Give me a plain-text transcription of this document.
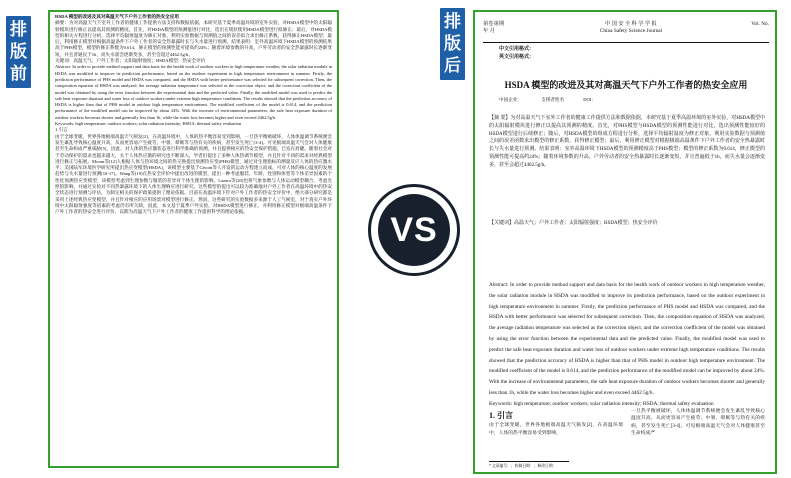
排版前

HSDA 模型的改进及其对高温天气下户外工作者的热安全应用

摘要：为对高温天气下室外工作者的健康工作提供方法支持和数据依据，本研究基于夏季高温环境的室外实验，对HSDA模型中的太阳辐射模块进行修正以提高其预测的精度。首先，对HSDA模型的预测值进行对比，选出在现状使用HSDA模型进行拟修正；最后，对HSDA模型的相关方程进行分析，选择平均辐射温度为修正对象，利用实验数据与预测值之间的误差拟合求出修正系数，获得修正HSDA模型；最后，利用修正模型对根据高温条件下户外工作者的安全热暴露时长与失水量进行预测。结果表明：室外高温环境下HSDA模型的预测结果高于PHS模型，模型的修正系数为0.614，修正模型的预测性能可提高约24%；随着环境参数的升高，户外劳动者的安全热暴露时长逐渐变短，并且普通民于1h，而失水量会逐渐变多，甚至会超过4462.5g/h。

关键词：高温天气；户外工作者；太阳辐射强度；HSDA模型；热安全评价

Abstract: In order to provide method support and data basis for the health work of outdoor workers in high temperature weather, the solar radiation module in HSDA was modified to improve its prediction performance, based on the outdoor experiment in high temperature environment in summer. Firstly, the prediction performance of PHS model and HSDA was compared, and the HSDA with better performance was selected for subsequent correction. Then, the composition equation of HSDA was analyzed, the average radiation temperature was selected as the correction object, and the correction coefficient of the model was obtained by using the error function between the experimental data and the predicted value. Finally, the modified model was used to predict the safe heat exposure duration and water loss of outdoor workers under extreme high temperature conditions. The results showed that the prediction accuracy of HSDA is higher than that of PHS model in outdoor high temperature environment. The modified coefficient of the model is 0.614, and the prediction performance of the modified model can be improved by about 24%. With the increase of environmental parameters, the safe heat exposure duration of outdoor workers becomes shorter and generally less than 1h, while the water loss becomes higher and even exceed 4462.5g/h.

Keywords: high temperature; outdoor workers; solar radiation intensity; HSDA; thermal safety evaluation

1.引言

由于全球变暖，世界各地极端高温天气频发[2]，在高温环境中，人体的热平衡容易受到影响，一旦热平衡被破坏，人体体温调节系统便会发生紊乱导致核心温度升高，从而更容易产生疲劳、中暑、晕厥等与热有关的疾病，甚至发生死亡[3-4]。可见极端高温天气会对人体健康甚至生命构成严重威胁[5]，因此，对人体的热应激状态进行科学准确的预测，并且提供相应的热安全保护措施，已迫在眉睫。随着社会对于劳动保护的需求也越来越大，关于人体热应激的研究也不断深入，学者们提出了多种人体热调节模型，并且针对不同的需求对经典模型进行修正与拓展。Moran等[12]人根据人体与热环境之间的热交换提出预测热应变(PHS)模型，通过对生理指标的测量反应人体的热应激水平；美国陆军环境医学研究所提出热应变模型(HSDA)，该模型主要基于Givoni等人开发的运动方程建立而成，可对人体的核心温度的发展趋势与失水量进行预测[16-17]。Wang等[19]在热安全评价中提出改进的模型，提出一种考虑服装、年龄、性别和体型等个体差异因素的个性化预测热应变模型，该模型考虑到生理参数与服装的差异对个体生理的影响。Lazaro等[20]也将气象参数与人体运动模型耦合，考虑光照的影响，并通过实验对不同热暴露环境下的人体生理响应进行研究。这些模型的提出可以较为准确地对户外工作者在高温环境中的热安全状态进行预测与评估，为制定相关的保护政策提供了理论依据。目前在高温环境下针对户外工作者的热安全评价中，绝大部分研究都是采用上述经典热应变模型，并且针对相应的应用场景对模型进行修正。然而，这些研究的实验数据多来源于人工气候室，对于真实户外环境中太阳辐射强度等因素的考虑仍有所欠缺，因此，本文基于夏季户外实验，对HSDA模型进行修正，并利用修正模型对极端高温条件下户外工作者的热安全进行评价，以期为高温天气下户外工作者的健康工作提供科学的理论依据。	VS
排版后
第卷第期
年 月
中 国 安 全 科 学 学 报
China Safety Science Journal
Vol. No.
中文引用格式：
英文引用格式：
HSDA 模型的改进及其对高温天气下户外工作者的热安全应用
中国企业：	支援者姓名	DOI：
【摘 要】为对高温天气下室外工作者的健康工作提供方法和数据依据，本研究基于夏季高温环境的室外实验，对HSDA模型中的太阳辐射模块进行修正以提高其预测的精度。首先，对PHS模型与HSDA模型的预测性能进行对比，选出预测性能较好的HSDA模型进行后续修正；随后，对HSDA模型的组成方程进行分析，选择平均辐射温度为修正对象，利用实验数据与预测值之间的误差函数求出模型的修正系数，获得修正模型；最后，利用修正模型对根据极端高温条件下户外工作者的安全热暴露时长与失水量进行预测。结果表明：室外高温环境下HSDA模型的预测精度高于PHS模型；模型的修正系数为0.614，修正模型的预测性能可提高约24%；随着环境参数的升高，户外劳动者的安全热暴露时长逐渐变短，并且普遍低于1h，而失水量会逐渐变多，甚至会超过4462.5g/h。
【关键词】高温天气；户外工作者；太阳辐射强度；HSDA模型；热安全评价
Abstract: In order to provide method support and data basis for the health work of outdoor workers in high temperature weather, the solar radiation module in HSDA was modified to improve its prediction performance, based on the outdoor experiment in high temperature environment in summer. Firstly, the prediction performance of PHS model and HSDA was compared, and the HSDA with better performance was selected for subsequent correction. Then, the composition equation of HSDA was analyzed, the average radiation temperature was selected as the correction object, and the correction coefficient of the model was obtained by using the error function between the experimental data and the predicted value. Finally, the modified model was used to predict the safe heat exposure duration and water loss of outdoor workers under extreme high temperature conditions. The results showed that the prediction accuracy of HSDA is higher than that of PHS model in outdoor high temperature environment. The modified coefficient of the model is 0.614, and the prediction performance of the modified model can be improved by about 24%. With the increase of environmental parameters, the safe heat exposure duration of outdoor workers becomes shorter and generally less than 1h, while the water loss becomes higher and even exceed 4462.5g/h.
Keywords: high temperature; outdoor workers; solar radiation intensity; HSDA; thermal safety evaluation
1. 引言
由于全球变暖，世界各地极端高温天气频发[2]，在高温环境中，人体的热平衡容易受到影响，
一旦热平衡被破坏，人体体温调节系统便会发生紊乱导致核心温度升高，从而更容易产生疲劳、中暑、晕厥等与热有关的疾病，甚至发生死亡[3-4]。可见极端高温天气会对人体健康甚至生命构成严
* 文章编号：；收稿日期：；修改日期：
